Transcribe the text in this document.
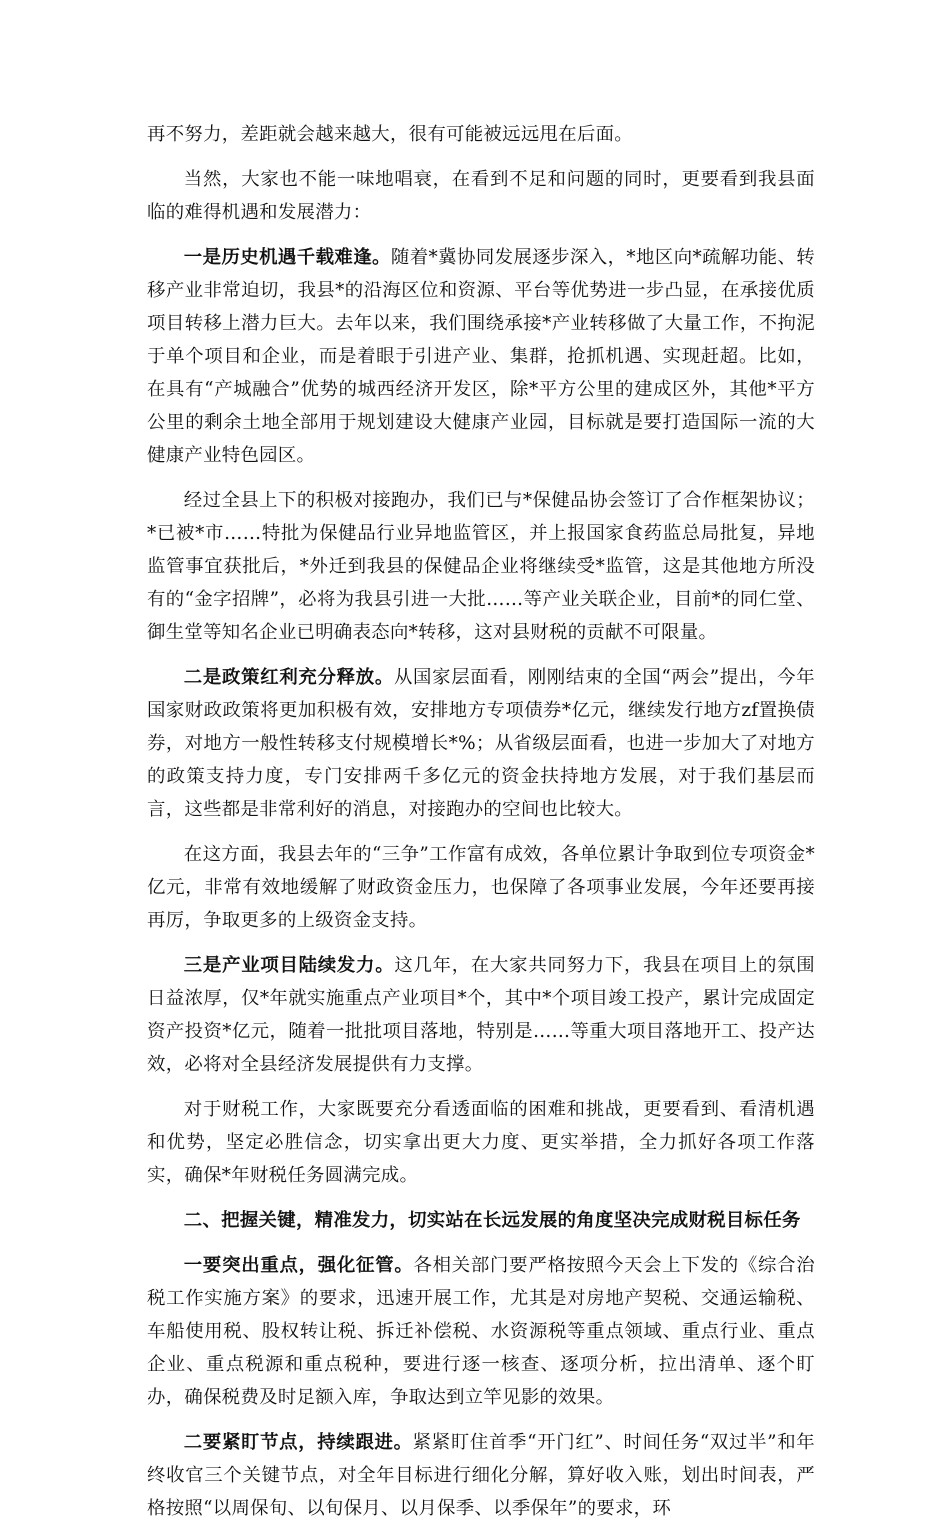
再不努力，差距就会越来越大，很有可能被远远甩在后面。

当然，大家也不能一味地唱衰，在看到不足和问题的同时，更要看到我县面临的难得机遇和发展潜力：

一是历史机遇千载难逢。随着*冀协同发展逐步深入，*地区向*疏解功能、转移产业非常迫切，我县*的沿海区位和资源、平台等优势进一步凸显，在承接优质项目转移上潜力巨大。去年以来，我们围绕承接*产业转移做了大量工作，不拘泥于单个项目和企业，而是着眼于引进产业、集群，抢抓机遇、实现赶超。比如，在具有“产城融合”优势的城西经济开发区，除*平方公里的建成区外，其他*平方公里的剩余土地全部用于规划建设大健康产业园，目标就是要打造国际一流的大健康产业特色园区。

经过全县上下的积极对接跑办，我们已与*保健品协会签订了合作框架协议；*已被*市……特批为保健品行业异地监管区，并上报国家食药监总局批复，异地监管事宜获批后，*外迁到我县的保健品企业将继续受*监管，这是其他地方所没有的“金字招牌”，必将为我县引进一大批……等产业关联企业，目前*的同仁堂、御生堂等知名企业已明确表态向*转移，这对县财税的贡献不可限量。

二是政策红利充分释放。从国家层面看，刚刚结束的全国“两会”提出，今年国家财政政策将更加积极有效，安排地方专项债券*亿元，继续发行地方zf置换债券，对地方一般性转移支付规模增长*%；从省级层面看，也进一步加大了对地方的政策支持力度，专门安排两千多亿元的资金扶持地方发展，对于我们基层而言，这些都是非常利好的消息，对接跑办的空间也比较大。

在这方面，我县去年的“三争”工作富有成效，各单位累计争取到位专项资金*亿元，非常有效地缓解了财政资金压力，也保障了各项事业发展，今年还要再接再厉，争取更多的上级资金支持。

三是产业项目陆续发力。这几年，在大家共同努力下，我县在项目上的氛围日益浓厚，仅*年就实施重点产业项目*个，其中*个项目竣工投产，累计完成固定资产投资*亿元，随着一批批项目落地，特别是……等重大项目落地开工、投产达效，必将对全县经济发展提供有力支撑。

对于财税工作，大家既要充分看透面临的困难和挑战，更要看到、看清机遇和优势，坚定必胜信念，切实拿出更大力度、更实举措，全力抓好各项工作落实，确保*年财税任务圆满完成。

二、把握关键，精准发力，切实站在长远发展的角度坚决完成财税目标任务

一要突出重点，强化征管。各相关部门要严格按照今天会上下发的《综合治税工作实施方案》的要求，迅速开展工作，尤其是对房地产契税、交通运输税、车船使用税、股权转让税、拆迁补偿税、水资源税等重点领域、重点行业、重点企业、重点税源和重点税种，要进行逐一核查、逐项分析，拉出清单、逐个盯办，确保税费及时足额入库，争取达到立竿见影的效果。

二要紧盯节点，持续跟进。紧紧盯住首季“开门红”、时间任务“双过半”和年终收官三个关键节点，对全年目标进行细化分解，算好收入账，划出时间表，严格按照“以周保旬、以旬保月、以月保季、以季保年”的要求，环
